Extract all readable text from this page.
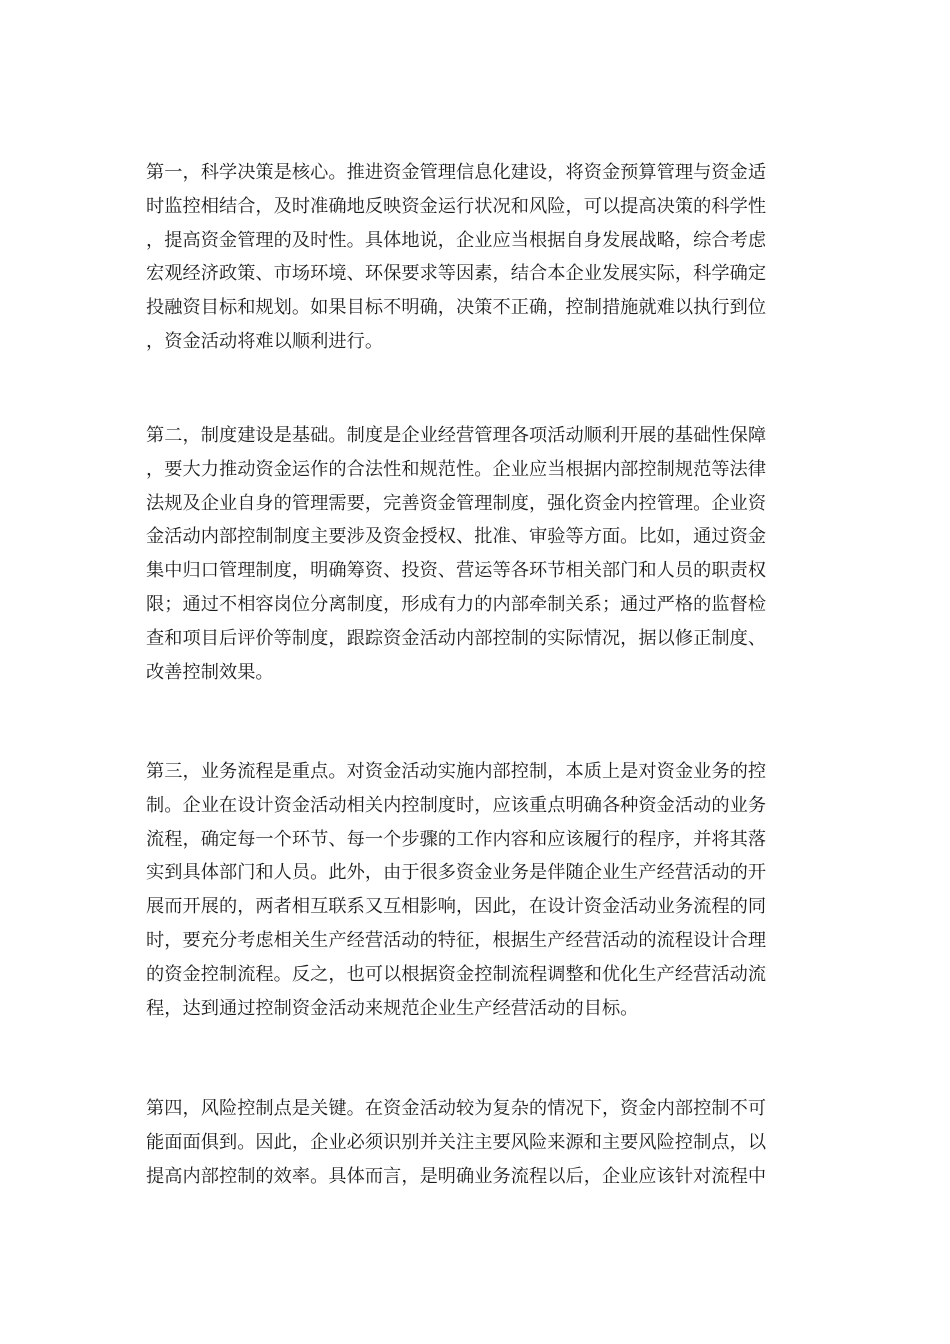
第一，科学决策是核心。推进资金管理信息化建设，将资金预算管理与资金适
时监控相结合，及时准确地反映资金运行状况和风险，可以提高决策的科学性
，提高资金管理的及时性。具体地说，企业应当根据自身发展战略，综合考虑
宏观经济政策、市场环境、环保要求等因素，结合本企业发展实际，科学确定
投融资目标和规划。如果目标不明确，决策不正确，控制措施就难以执行到位
，资金活动将难以顺利进行。
第二，制度建设是基础。制度是企业经营管理各项活动顺利开展的基础性保障
，要大力推动资金运作的合法性和规范性。企业应当根据内部控制规范等法律
法规及企业自身的管理需要，完善资金管理制度，强化资金内控管理。企业资
金活动内部控制制度主要涉及资金授权、批准、审验等方面。比如，通过资金
集中归口管理制度，明确筹资、投资、营运等各环节相关部门和人员的职责权
限；通过不相容岗位分离制度，形成有力的内部牵制关系；通过严格的监督检
查和项目后评价等制度，跟踪资金活动内部控制的实际情况，据以修正制度、
改善控制效果。
第三，业务流程是重点。对资金活动实施内部控制，本质上是对资金业务的控
制。企业在设计资金活动相关内控制度时，应该重点明确各种资金活动的业务
流程，确定每一个环节、每一个步骤的工作内容和应该履行的程序，并将其落
实到具体部门和人员。此外，由于很多资金业务是伴随企业生产经营活动的开
展而开展的，两者相互联系又互相影响，因此，在设计资金活动业务流程的同
时，要充分考虑相关生产经营活动的特征，根据生产经营活动的流程设计合理
的资金控制流程。反之，也可以根据资金控制流程调整和优化生产经营活动流
程，达到通过控制资金活动来规范企业生产经营活动的目标。
第四，风险控制点是关键。在资金活动较为复杂的情况下，资金内部控制不可
能面面俱到。因此，企业必须识别并关注主要风险来源和主要风险控制点，以
提高内部控制的效率。具体而言，是明确业务流程以后，企业应该针对流程中
